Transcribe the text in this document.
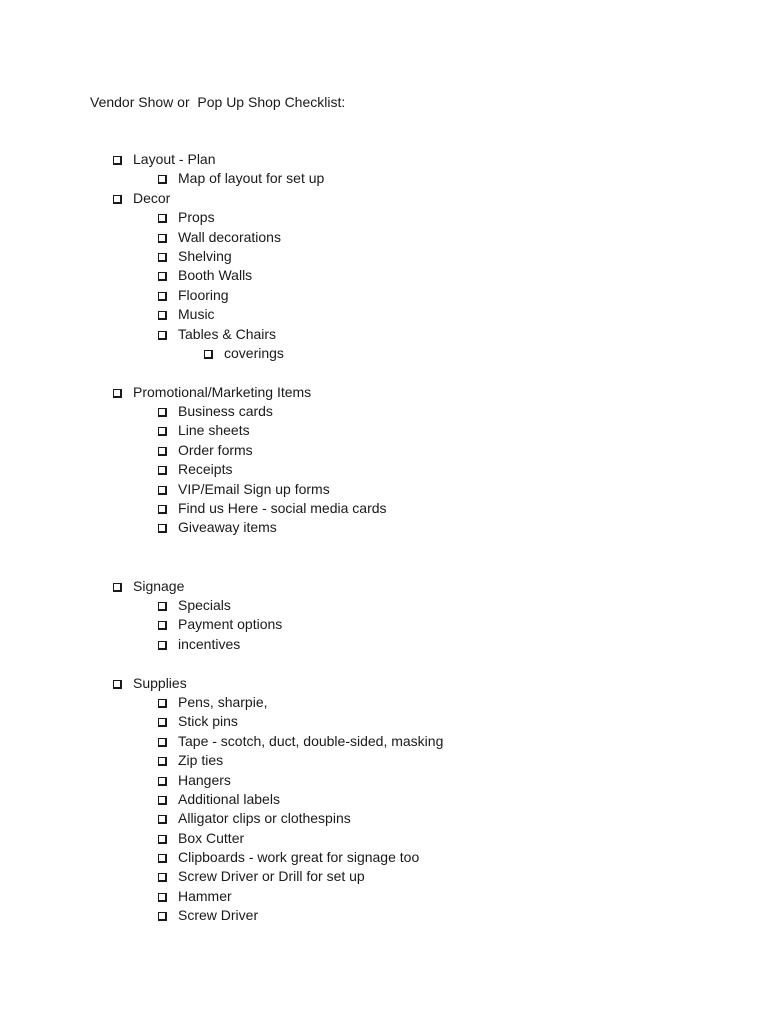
Vendor Show or  Pop Up Shop Checklist:
Layout - Plan
Map of layout for set up
Decor
Props
Wall decorations
Shelving
Booth Walls
Flooring
Music
Tables & Chairs
coverings
Promotional/Marketing Items
Business cards
Line sheets
Order forms
Receipts
VIP/Email Sign up forms
Find us Here - social media cards
Giveaway items
Signage
Specials
Payment options
incentives
Supplies
Pens, sharpie,
Stick pins
Tape - scotch, duct, double-sided, masking
Zip ties
Hangers
Additional labels
Alligator clips or clothespins
Box Cutter
Clipboards - work great for signage too
Screw Driver or Drill for set up
Hammer
Screw Driver
